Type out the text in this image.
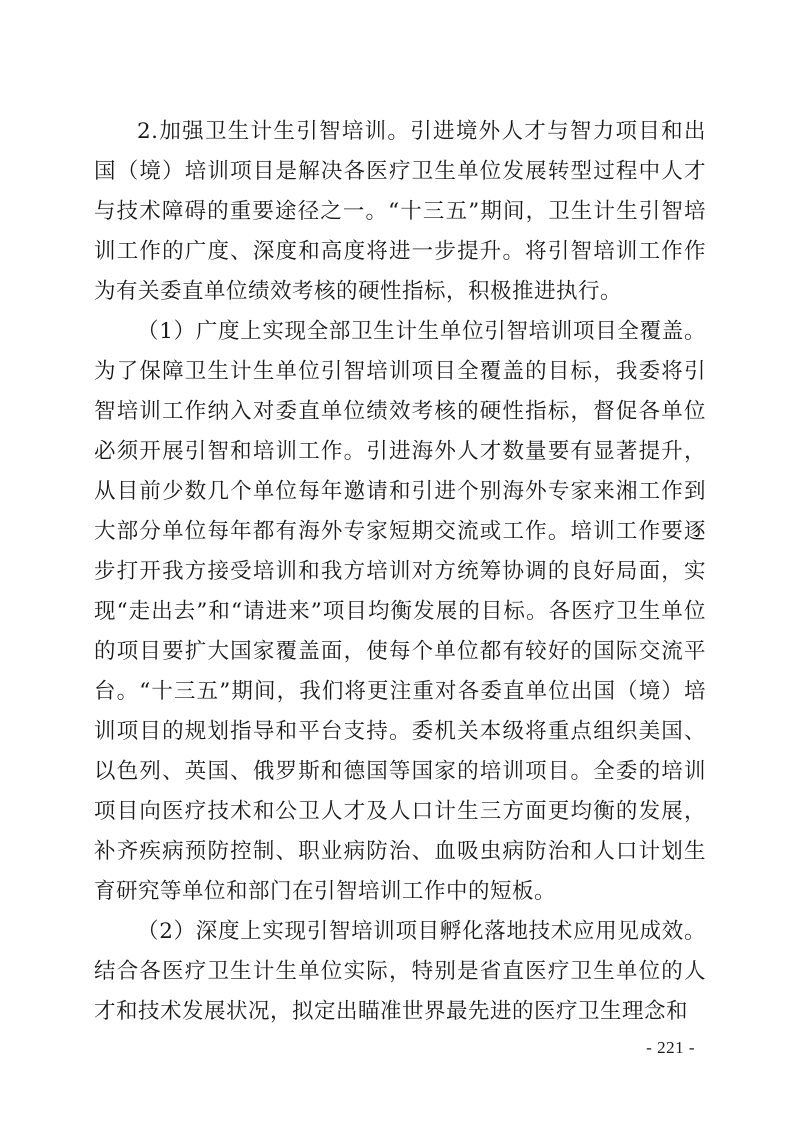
2.加强卫生计生引智培训。引进境外人才与智力项目和出国（境）培训项目是解决各医疗卫生单位发展转型过程中人才与技术障碍的重要途径之一。“十三五”期间，卫生计生引智培训工作的广度、深度和高度将进一步提升。将引智培训工作作为有关委直单位绩效考核的硬性指标，积极推进执行。

（1）广度上实现全部卫生计生单位引智培训项目全覆盖。为了保障卫生计生单位引智培训项目全覆盖的目标，我委将引智培训工作纳入对委直单位绩效考核的硬性指标，督促各单位必须开展引智和培训工作。引进海外人才数量要有显著提升，从目前少数几个单位每年邀请和引进个别海外专家来湘工作到大部分单位每年都有海外专家短期交流或工作。培训工作要逐步打开我方接受培训和我方培训对方统筹协调的良好局面，实现“走出去”和“请进来”项目均衡发展的目标。各医疗卫生单位的项目要扩大国家覆盖面，使每个单位都有较好的国际交流平台。“十三五”期间，我们将更注重对各委直单位出国（境）培训项目的规划指导和平台支持。委机关本级将重点组织美国、以色列、英国、俄罗斯和德国等国家的培训项目。全委的培训项目向医疗技术和公卫人才及人口计生三方面更均衡的发展，补齐疾病预防控制、职业病防治、血吸虫病防治和人口计划生育研究等单位和部门在引智培训工作中的短板。

（2）深度上实现引智培训项目孵化落地技术应用见成效。结合各医疗卫生计生单位实际，特别是省直医疗卫生单位的人才和技术发展状况，拟定出瞄准世界最先进的医疗卫生理念和

- 221 -
